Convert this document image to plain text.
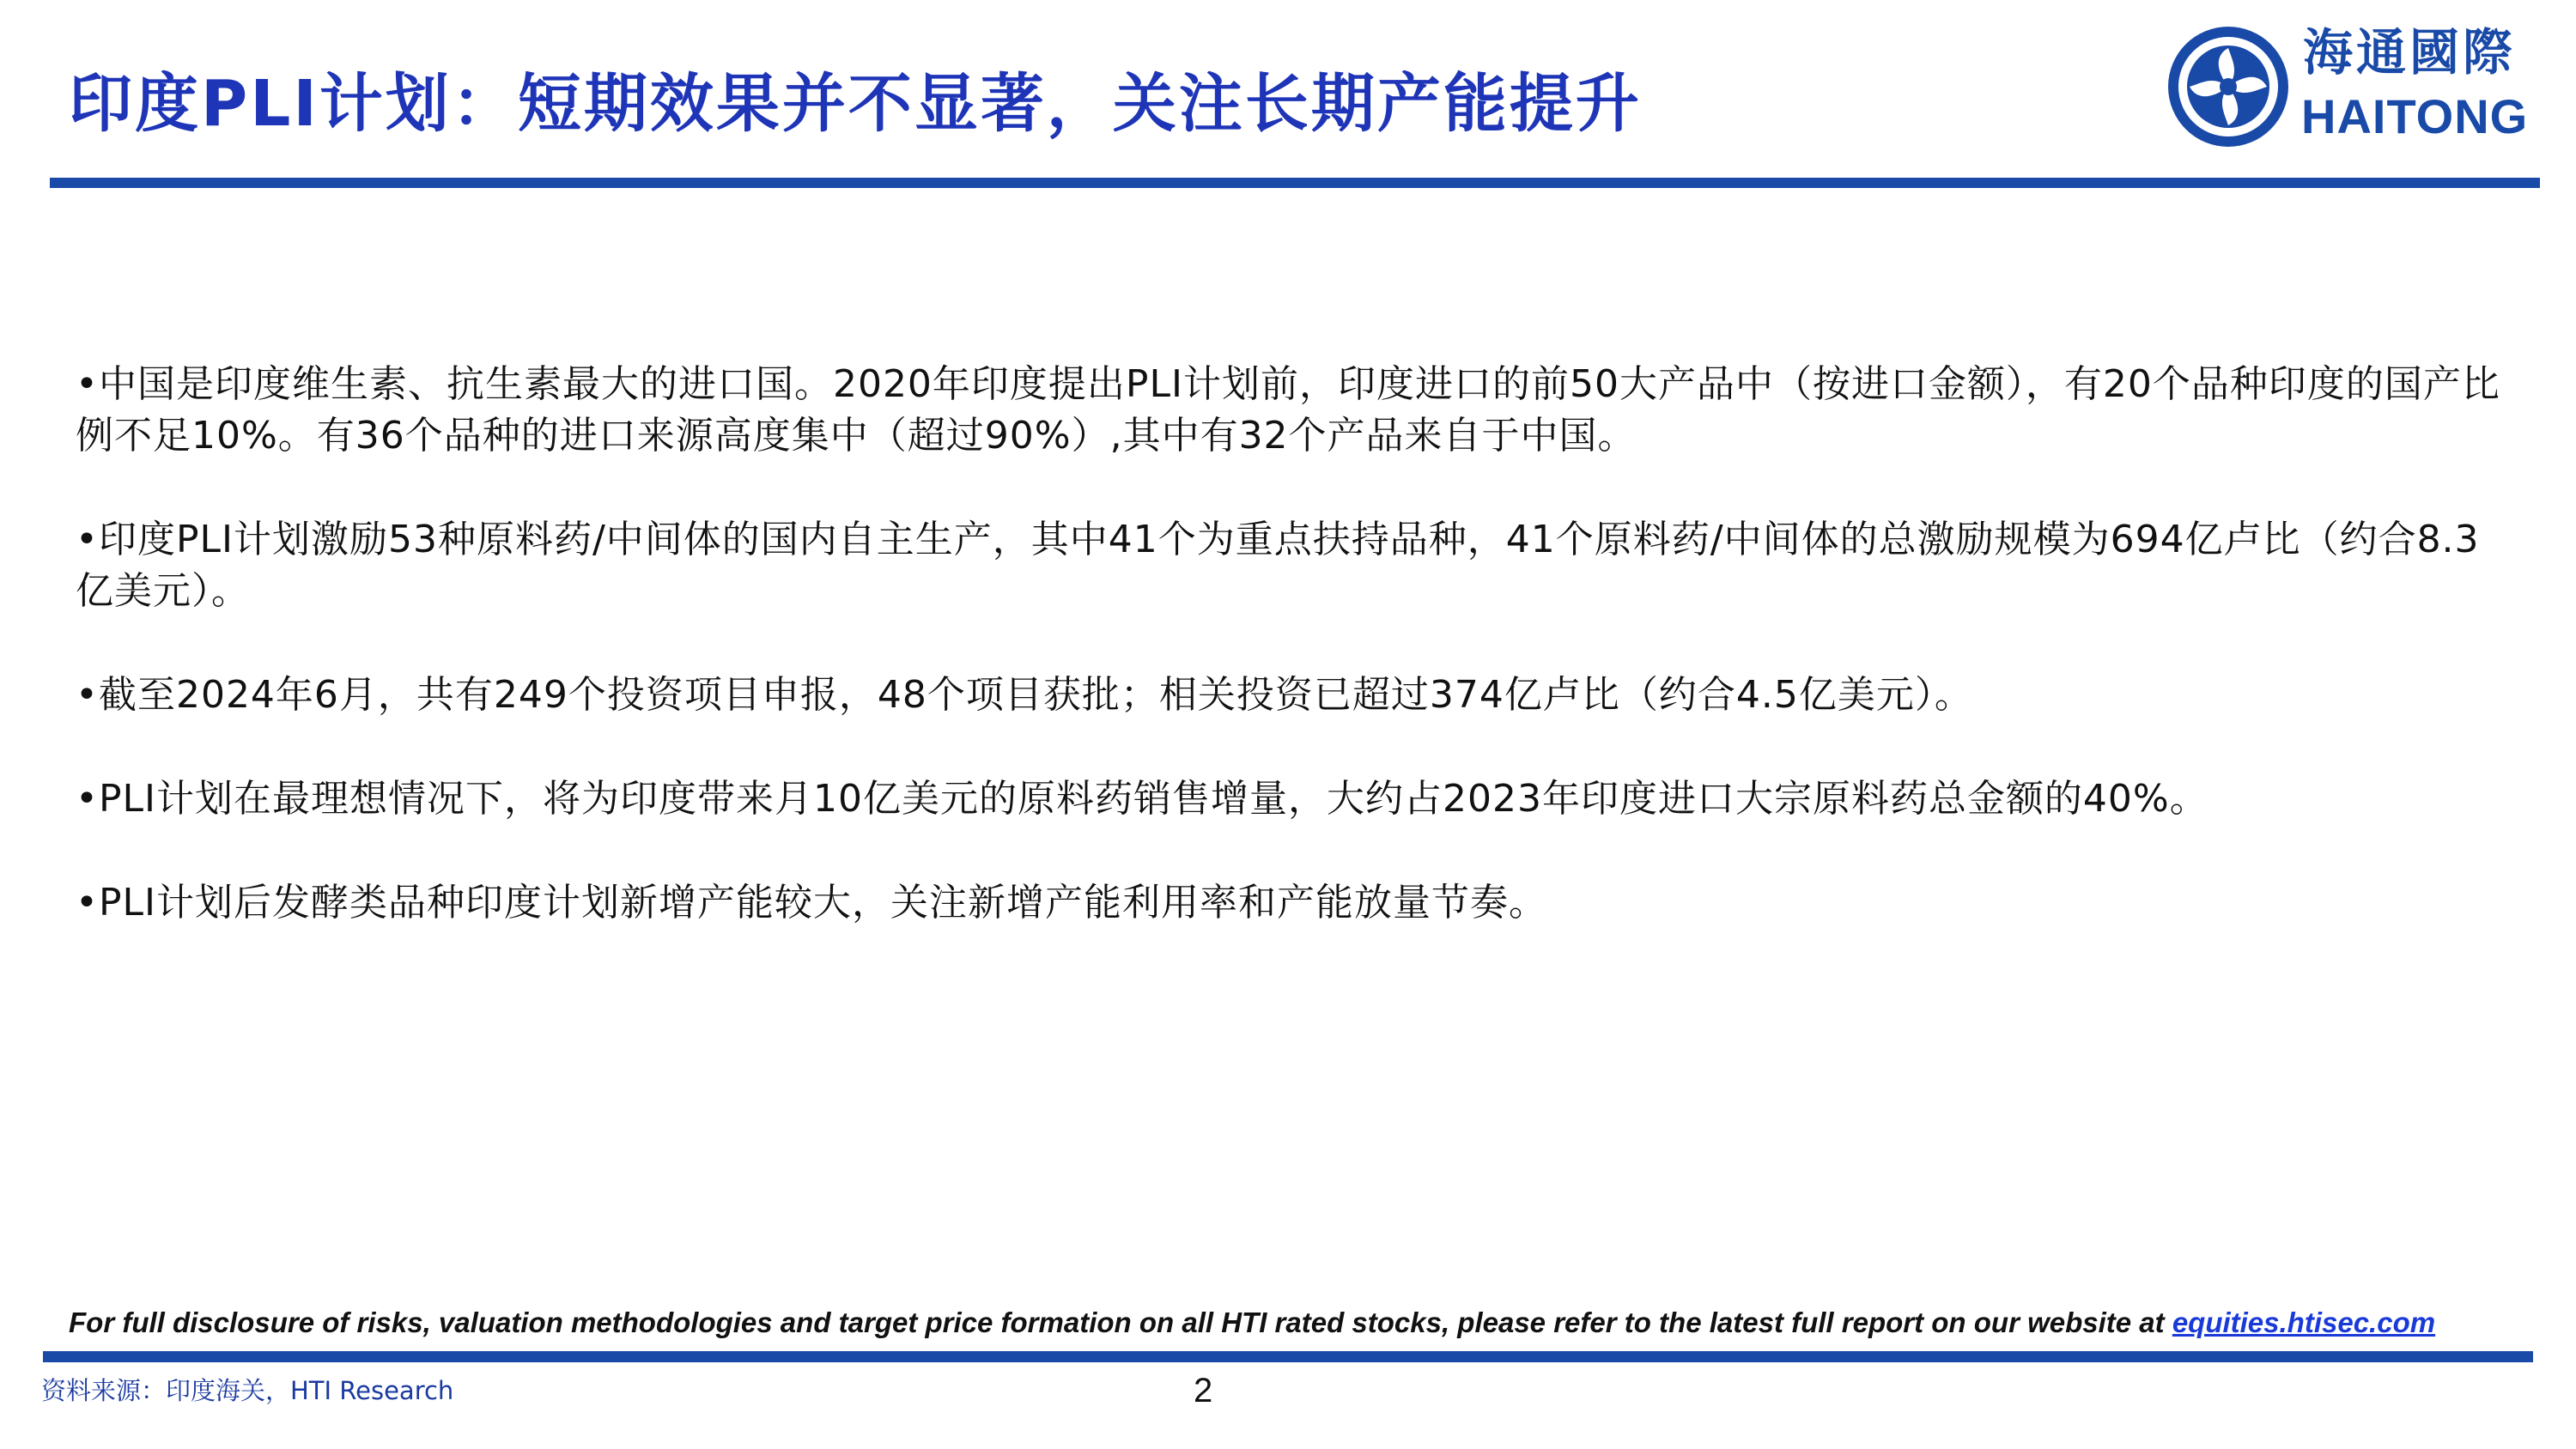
印度PLI计划：短期效果并不显著，关注长期产能提升
海通國際
HAITONG

•中国是印度维生素、抗生素最大的进口国。2020年印度提出PLI计划前，印度进口的前50大产品中（按进口金额），有20个品种印度的国产比例不足10%。有36个品种的进口来源高度集中（超过90%）,其中有32个产品来自于中国。

•印度PLI计划激励53种原料药/中间体的国内自主生产，其中41个为重点扶持品种，41个原料药/中间体的总激励规模为694亿卢比（约合8.3亿美元）。

•截至2024年6月，共有249个投资项目申报，48个项目获批；相关投资已超过374亿卢比（约合4.5亿美元）。

•PLI计划在最理想情况下，将为印度带来月10亿美元的原料药销售增量，大约占2023年印度进口大宗原料药总金额的40%。

•PLI计划后发酵类品种印度计划新增产能较大，关注新增产能利用率和产能放量节奏。

For full disclosure of risks, valuation methodologies and target price formation on all HTI rated stocks, please refer to the latest full report on our website at equities.htisec.com
资料来源：印度海关，HTI Research	2
